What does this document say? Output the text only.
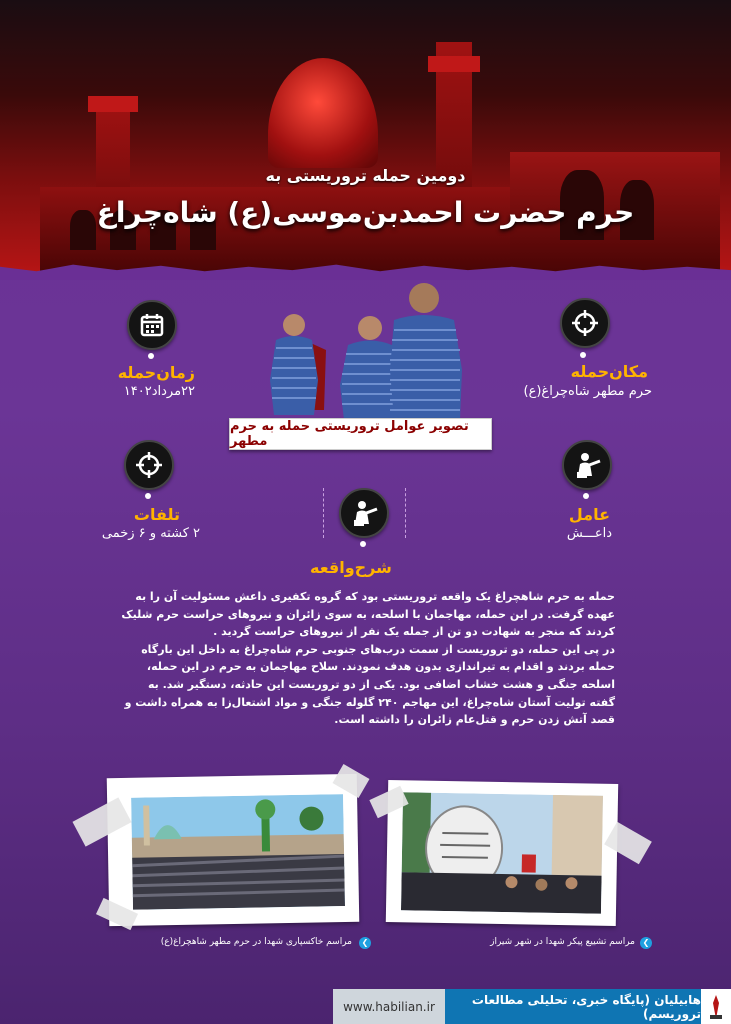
دومین حمله تروریستی به
حرم حضرت احمدبن‌موسی(ع) شاه‌چراغ
مکان‌حمله
حرم مطهر شاه‌چراغ(ع)
زمان‌حمله
۲۲مرداد۱۴۰۲
تصویر عوامل تروریستی حمله به حرم مطهر
تلفات
۲ کشته و ۶ زخمی
عامل
داعـــش
شرح‌واقعه
حمله به حرم شاهچراغ یک واقعه تروریستی بود که گروه تکفیری داعش مسئولیت آن را به عهده گرفت. در این حمله، مهاجمان با اسلحه، به سوی زائران و نیروهای حراست حرم شلیک کردند که منجر به شهادت دو تن از جمله یک نفر از نیروهای حراست گردید .
در پی این حمله، دو تروریست از سمت درب‌های جنوبی حرم شاه‌چراغ به داخل این بارگاه حمله بردند و اقدام به تیراندازی بدون هدف نمودند. سلاح مهاجمان به حرم در این حمله، اسلحه جنگی و هشت خشاب اضافی بود. یکی از دو تروریست این حادثه، دستگیر شد. به گفته تولیت آستان شاه‌چراغ، این مهاجم ۲۴۰ گلوله جنگی و مواد اشتعال‌زا به همراه داشت و قصد آتش زدن حرم و قتل‌عام زائران را داشته است.
❮
مراسم خاکسپاری شهدا در حرم مطهر شاهچراغ(ع)	❮
مراسم تشییع پیکر شهدا در شهر شیراز
www.habilian.ir	هابیلیان (پایگاه خبری، تحلیلی مطالعات تروریسم)
